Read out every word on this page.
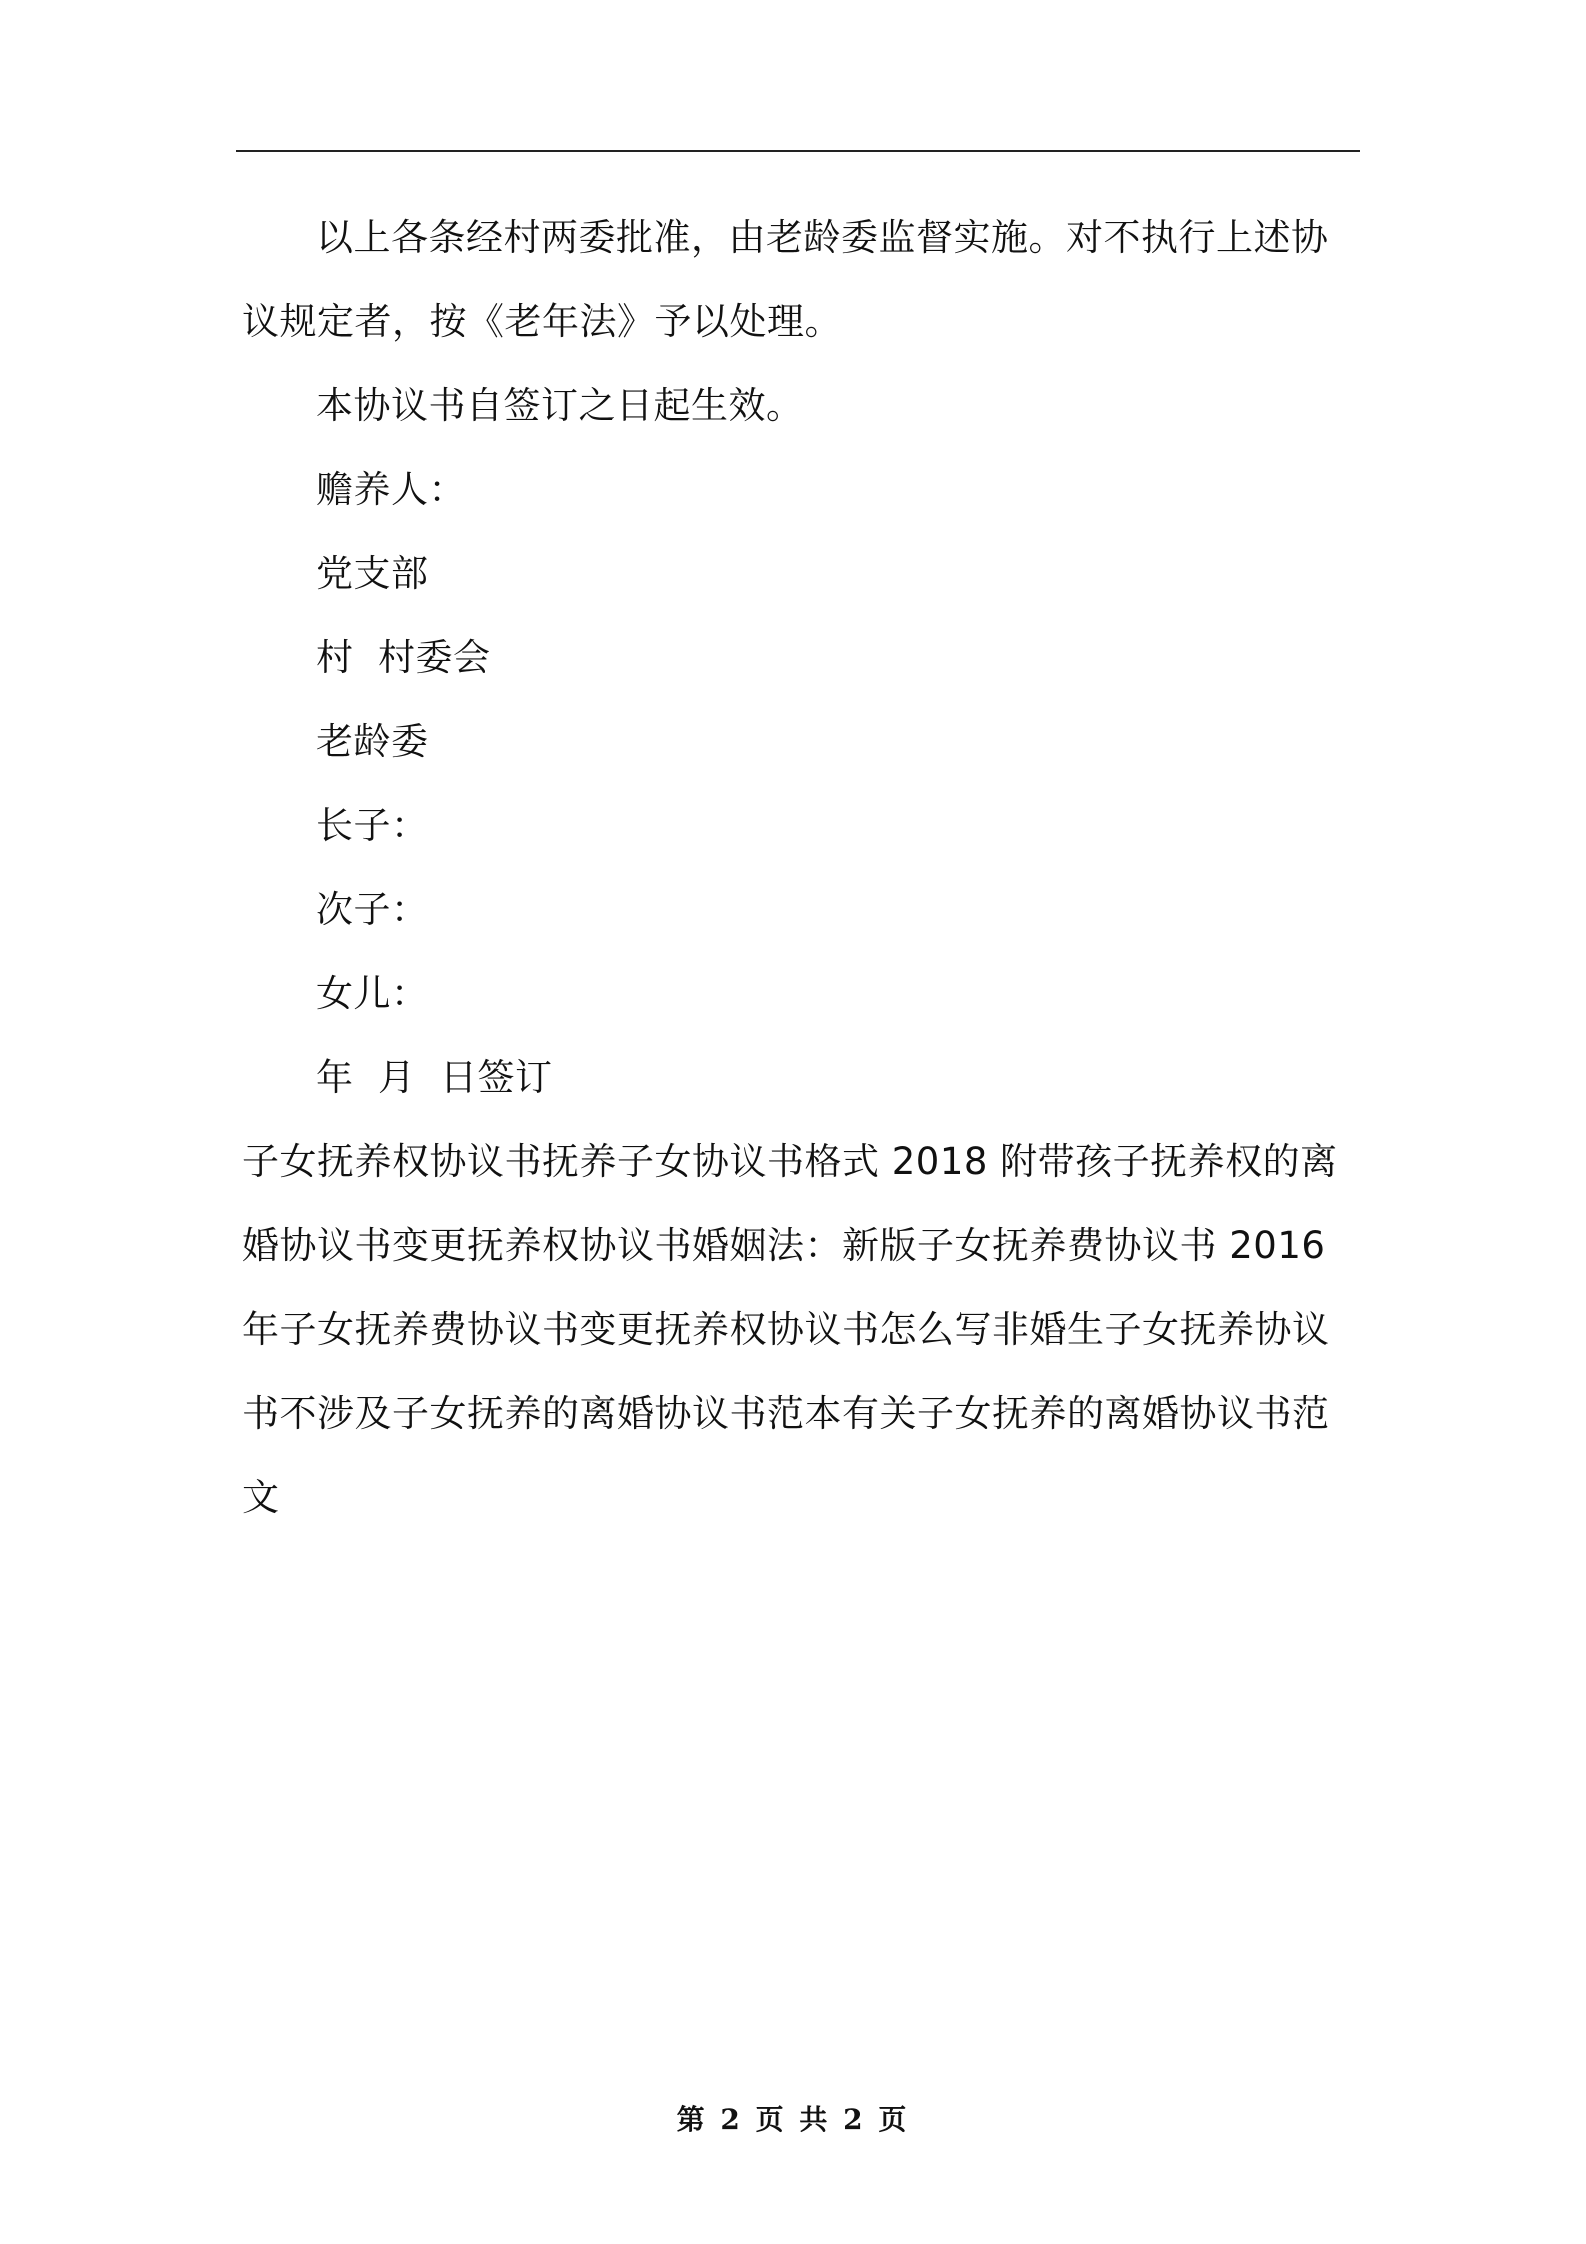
以上各条经村两委批准，由老龄委监督实施。对不执行上述协议规定者，按《老年法》予以处理。

本协议书自签订之日起生效。

赡养人：

党支部

村  村委会

老龄委

长子：

次子：

女儿：

年  月  日签订

子女抚养权协议书抚养子女协议书格式 2018 附带孩子抚养权的离婚协议书变更抚养权协议书婚姻法：新版子女抚养费协议书 2016 年子女抚养费协议书变更抚养权协议书怎么写非婚生子女抚养协议书不涉及子女抚养的离婚协议书范本有关子女抚养的离婚协议书范文

第 2 页 共 2 页
